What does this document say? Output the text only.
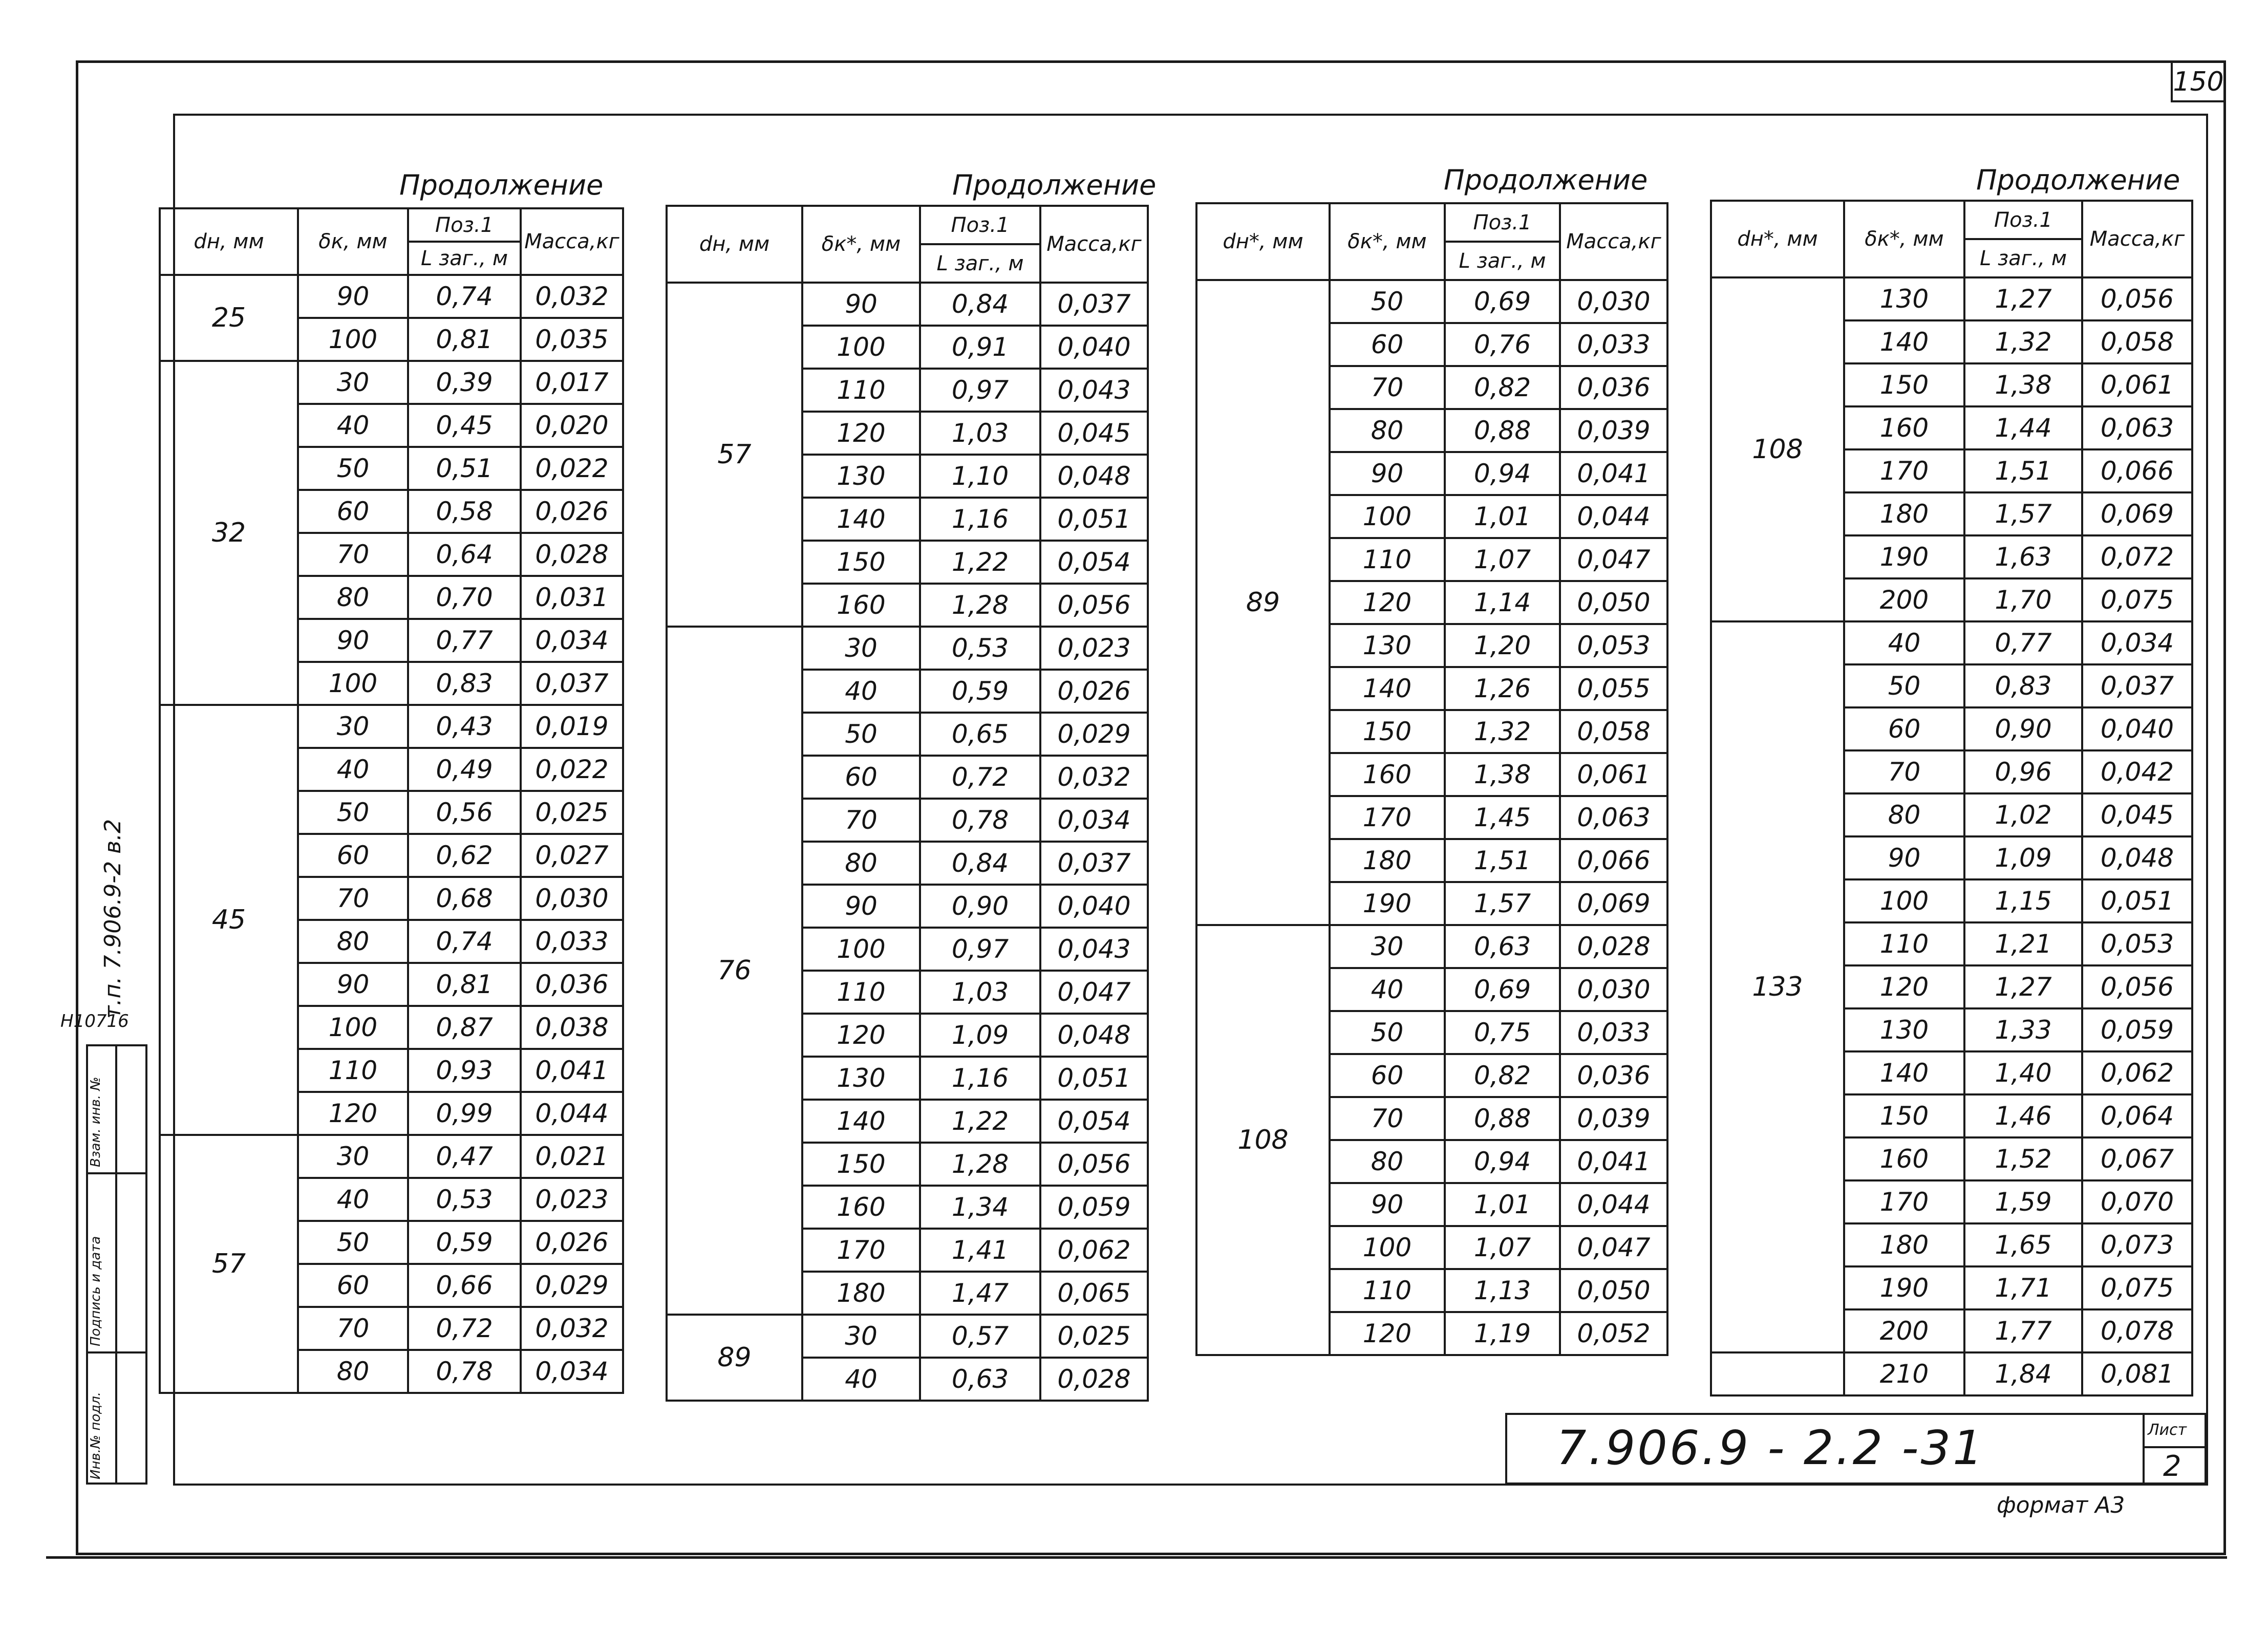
150
Продолжение	Продолжение	Продолжение	Продолжение
dн, мм	δк, мм	Поз.1	Масса,кг
		L заг., м	
25	90	0,74	0,032
	100	0,81	0,035
32	30	0,39	0,017
	40	0,45	0,020
	50	0,51	0,022
	60	0,58	0,026
	70	0,64	0,028
	80	0,70	0,031
	90	0,77	0,034
	100	0,83	0,037
45	30	0,43	0,019
	40	0,49	0,022
	50	0,56	0,025
	60	0,62	0,027
	70	0,68	0,030
	80	0,74	0,033
	90	0,81	0,036
	100	0,87	0,038
	110	0,93	0,041
	120	0,99	0,044
57	30	0,47	0,021
	40	0,53	0,023
	50	0,59	0,026
	60	0,66	0,029
	70	0,72	0,032
	80	0,78	0,034
dн, мм	δк*, мм	Поз.1	Масса,кг
		L заг., м	
57	90	0,84	0,037
	100	0,91	0,040
	110	0,97	0,043
	120	1,03	0,045
	130	1,10	0,048
	140	1,16	0,051
	150	1,22	0,054
	160	1,28	0,056
76	30	0,53	0,023
	40	0,59	0,026
	50	0,65	0,029
	60	0,72	0,032
	70	0,78	0,034
	80	0,84	0,037
	90	0,90	0,040
	100	0,97	0,043
	110	1,03	0,047
	120	1,09	0,048
	130	1,16	0,051
	140	1,22	0,054
	150	1,28	0,056
	160	1,34	0,059
	170	1,41	0,062
	180	1,47	0,065
89	30	0,57	0,025
	40	0,63	0,028
dн*, мм	δк*, мм	Поз.1	Масса,кг
		L заг., м	
89	50	0,69	0,030
	60	0,76	0,033
	70	0,82	0,036
	80	0,88	0,039
	90	0,94	0,041
	100	1,01	0,044
	110	1,07	0,047
	120	1,14	0,050
	130	1,20	0,053
	140	1,26	0,055
	150	1,32	0,058
	160	1,38	0,061
	170	1,45	0,063
	180	1,51	0,066
	190	1,57	0,069
108	30	0,63	0,028
	40	0,69	0,030
	50	0,75	0,033
	60	0,82	0,036
	70	0,88	0,039
	80	0,94	0,041
	90	1,01	0,044
	100	1,07	0,047
	110	1,13	0,050
	120	1,19	0,052
dн*, мм	δк*, мм	Поз.1	Масса,кг
		L заг., м	
108	130	1,27	0,056
	140	1,32	0,058
	150	1,38	0,061
	160	1,44	0,063
	170	1,51	0,066
	180	1,57	0,069
	190	1,63	0,072
	200	1,70	0,075
133	40	0,77	0,034
	50	0,83	0,037
	60	0,90	0,040
	70	0,96	0,042
	80	1,02	0,045
	90	1,09	0,048
	100	1,15	0,051
	110	1,21	0,053
	120	1,27	0,056
	130	1,33	0,059
	140	1,40	0,062
	150	1,46	0,064
	160	1,52	0,067
	170	1,59	0,070
	180	1,65	0,073
	190	1,71	0,075
	200	1,77	0,078
	210	1,84	0,081
Взам. инв. №
Подпись и дата
Инв.№ подл.
т.п. 7.906.9-2 в.2
Н10716
7.906.9 - 2.2 -31	Лист
2
формат А3
